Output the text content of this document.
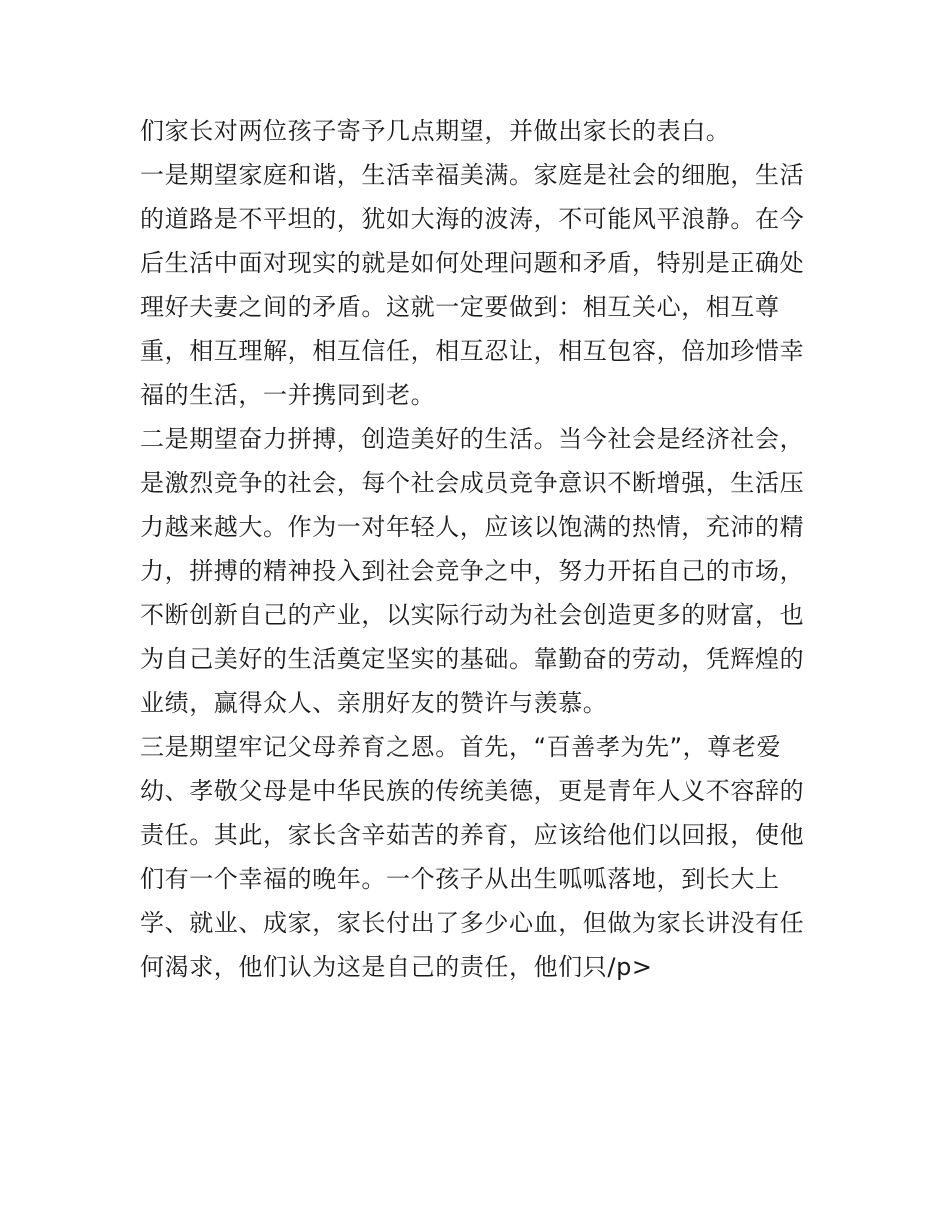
们家长对两位孩子寄予几点期望，并做出家长的表白。
一是期望家庭和谐，生活幸福美满。家庭是社会的细胞，生活
的道路是不平坦的，犹如大海的波涛，不可能风平浪静。在今
后生活中面对现实的就是如何处理问题和矛盾，特别是正确处
理好夫妻之间的矛盾。这就一定要做到：相互关心，相互尊
重，相互理解，相互信任，相互忍让，相互包容，倍加珍惜幸
福的生活，一并携同到老。
二是期望奋力拼搏，创造美好的生活。当今社会是经济社会，
是激烈竞争的社会，每个社会成员竞争意识不断增强，生活压
力越来越大。作为一对年轻人，应该以饱满的热情，充沛的精
力，拼搏的精神投入到社会竞争之中，努力开拓自己的市场，
不断创新自己的产业，以实际行动为社会创造更多的财富，也
为自己美好的生活奠定坚实的基础。靠勤奋的劳动，凭辉煌的
业绩，赢得众人、亲朋好友的赞许与羡慕。
三是期望牢记父母养育之恩。首先，“百善孝为先”，尊老爱
幼、孝敬父母是中华民族的传统美德，更是青年人义不容辞的
责任。其此，家长含辛茹苦的养育，应该给他们以回报，使他
们有一个幸福的晚年。一个孩子从出生呱呱落地，到长大上
学、就业、成家，家长付出了多少心血，但做为家长讲没有任
何渴求，他们认为这是自己的责任，他们只/p>
